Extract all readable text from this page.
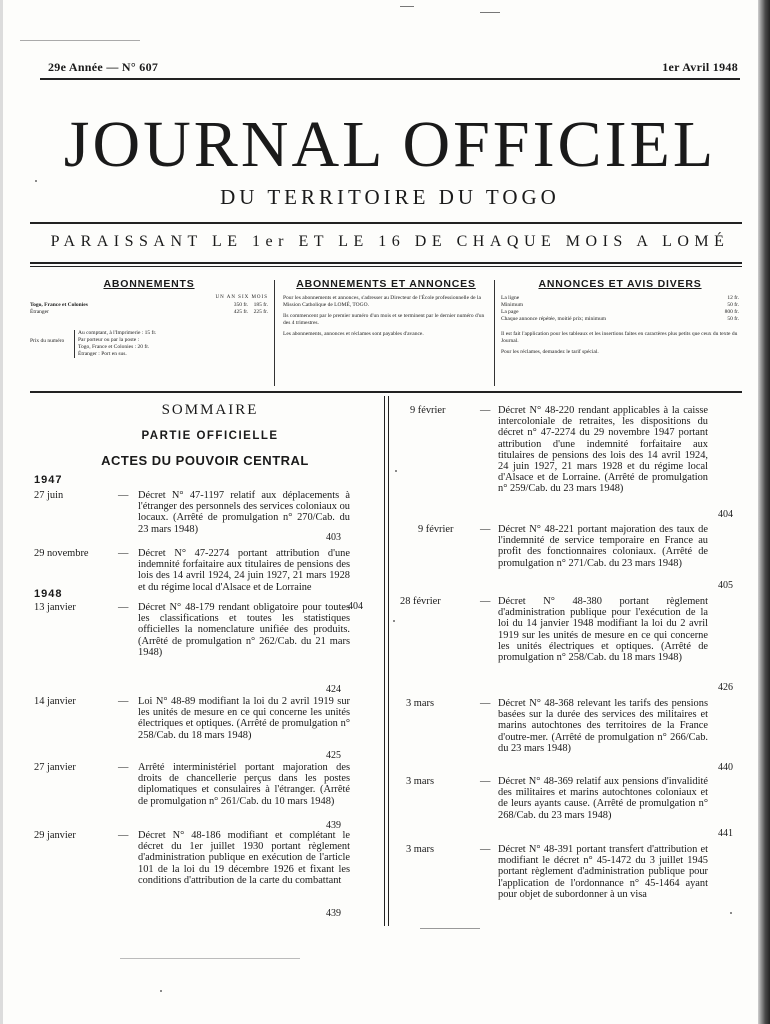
29e Année — N° 607	1er Avril 1948
JOURNAL OFFICIEL
DU TERRITOIRE DU TOGO
PARAISSANT LE 1er ET LE 16 DE CHAQUE MOIS A LOMÉ
ABONNEMENTS
UN AN SIX MOIS
Togo, France et Colonies	350 fr. 185 fr.
Étranger	425 fr. 225 fr.
Prix du numéro
Au comptant, à l'Imprimerie : 15 fr.
Par porteur ou par la poste :
Togo, France et Colonies : 20 fr.
Étranger : Port en sus.
ABONNEMENTS ET ANNONCES

Pour les abonnements et annonces, s'adresser au Directeur de l'École professionnelle de la Mission Catholique de LOMÉ, TOGO.

Ils commencent par le premier numéro d'un mois et se terminent par le dernier numéro d'un des 4 trimestres.

Les abonnements, annonces et réclames sont payables d'avance.

ANNONCES ET AVIS DIVERS
La ligne	12 fr.
Minimum	50 fr.
La page	800 fr.
Chaque annonce répétée, moitié prix; minimum	50 fr.

Il est fait l'application pour les tableaux et les insertions faites en caractères plus petits que ceux du texte du Journal.

Pour les réclames, demandez le tarif spécial.

SOMMAIRE
PARTIE OFFICIELLE
ACTES DU POUVOIR CENTRAL
1947
1948
27 juin	— Décret N° 47-1197 relatif aux déplacements à l'étranger des personnels des services coloniaux ou locaux. (Arrêté de promulgation n° 270/Cab. du 23 mars 1948)
403
29 novembre	— Décret N° 47-2274 portant attribution d'une indemnité forfaitaire aux titulaires de pensions des lois des 14 avril 1924, 24 juin 1927, 21 mars 1928 et du régime local d'Alsace et de Lorraine
404
13 janvier	— Décret N° 48-179 rendant obligatoire pour toutes les classifications et toutes les statistiques officielles la nomenclature unifiée des produits. (Arrêté de promulgation n° 262/Cab. du 21 mars 1948)
424
14 janvier	— Loi N° 48-89 modifiant la loi du 2 avril 1919 sur les unités de mesure en ce qui concerne les unités électriques et optiques. (Arrêté de promulgation n° 258/Cab. du 18 mars 1948)
425
27 janvier	— Arrêté interministériel portant majoration des droits de chancellerie perçus dans les postes diplomatiques et consulaires à l'étranger. (Arrêté de promulgation n° 261/Cab. du 10 mars 1948)
439
29 janvier	— Décret N° 48-186 modifiant et complétant le décret du 1er juillet 1930 portant règlement d'administration publique en exécution de l'article 101 de la loi du 19 décembre 1926 et fixant les conditions d'attribution de la carte du combattant
439
9 février	— Décret N° 48-220 rendant applicables à la caisse intercoloniale de retraites, les dispositions du décret n° 47-2274 du 29 novembre 1947 portant attribution d'une indemnité forfaitaire aux titulaires de pensions des lois des 14 avril 1924, 24 juin 1927, 21 mars 1928 et du régime local d'Alsace et de Lorraine. (Arrêté de promulgation n° 259/Cab. du 23 mars 1948)
404
9 février	— Décret N° 48-221 portant majoration des taux de l'indemnité de service temporaire en France au profit des fonctionnaires coloniaux. (Arrêté de promulgation n° 271/Cab. du 23 mars 1948)
405
28 février	— Décret N° 48-380 portant règlement d'administration publique pour l'exécution de la loi du 14 janvier 1948 modifiant la loi du 2 avril 1919 sur les unités de mesure en ce qui concerne les unités électriques et optiques. (Arrêté de promulgation n° 258/Cab. du 18 mars 1948)
426
3 mars	— Décret N° 48-368 relevant les tarifs des pensions basées sur la durée des services des militaires et marins autochtones des territoires de la France d'outre-mer. (Arrêté de promulgation n° 266/Cab. du 23 mars 1948)
440
3 mars	— Décret N° 48-369 relatif aux pensions d'invalidité des militaires et marins autochtones coloniaux et de leurs ayants cause. (Arrêté de promulgation n° 268/Cab. du 23 mars 1948)
441
3 mars	— Décret N° 48-391 portant transfert d'attribution et modifiant le décret n° 45-1472 du 3 juillet 1945 portant règlement d'administration publique pour l'application de l'ordonnance n° 45-1464 ayant pour objet de subordonner à un visa
